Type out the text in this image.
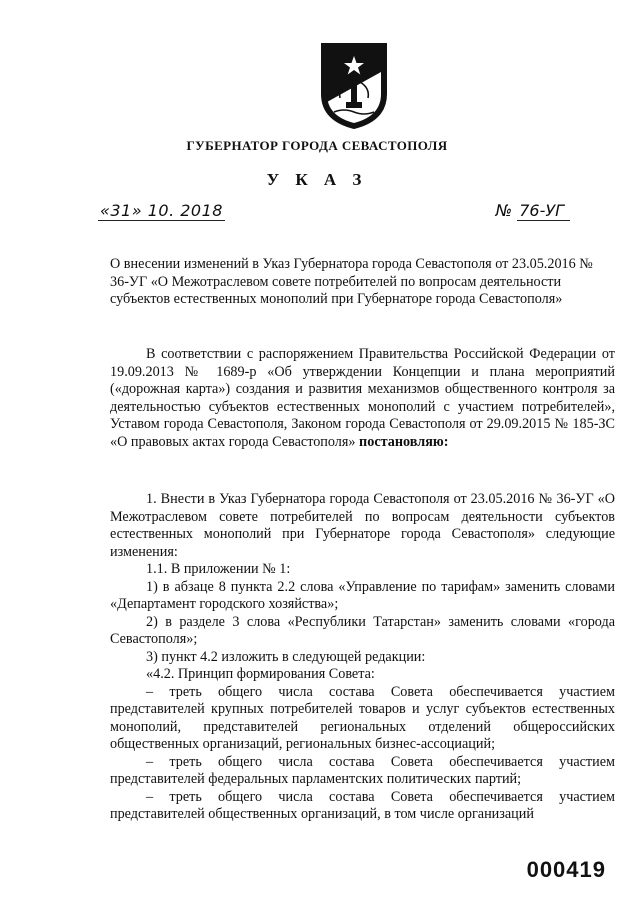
ГУБЕРНАТОР ГОРОДА СЕВАСТОПОЛЯ
У К А З
«31» 10. 2018	№ 76-УГ
О внесении изменений в Указ Губернатора города Севастополя от 23.05.2016 № 36-УГ «О Межотраслевом совете потребителей по вопросам деятельности субъектов естественных монополий при Губернаторе города Севастополя»

В соответствии с распоряжением Правительства Российской Федерации от 19.09.2013 № 1689-р «Об утверждении Концепции и плана мероприятий («дорожная карта») создания и развития механизмов общественного контроля за деятельностью субъектов естественных монополий с участием потребителей», Уставом города Севастополя, Законом города Севастополя от 29.09.2015 № 185-ЗС «О правовых актах города Севастополя» постановляю:

1. Внести в Указ Губернатора города Севастополя от 23.05.2016 № 36-УГ «О Межотраслевом совете потребителей по вопросам деятельности субъектов естественных монополий при Губернаторе города Севастополя» следующие изменения:

1.1. В приложении № 1:

1) в абзаце 8 пункта 2.2 слова «Управление по тарифам» заменить словами «Департамент городского хозяйства»;

2) в разделе 3 слова «Республики Татарстан» заменить словами «города Севастополя»;

3) пункт 4.2 изложить в следующей редакции:

«4.2. Принцип формирования Совета:

– треть общего числа состава Совета обеспечивается участием представителей крупных потребителей товаров и услуг субъектов естественных монополий, представителей региональных отделений общероссийских общественных организаций, региональных бизнес-ассоциаций;

– треть общего числа состава Совета обеспечивается участием представителей федеральных парламентских политических партий;

– треть общего числа состава Совета обеспечивается участием представителей общественных организаций, в том числе организаций

000419
